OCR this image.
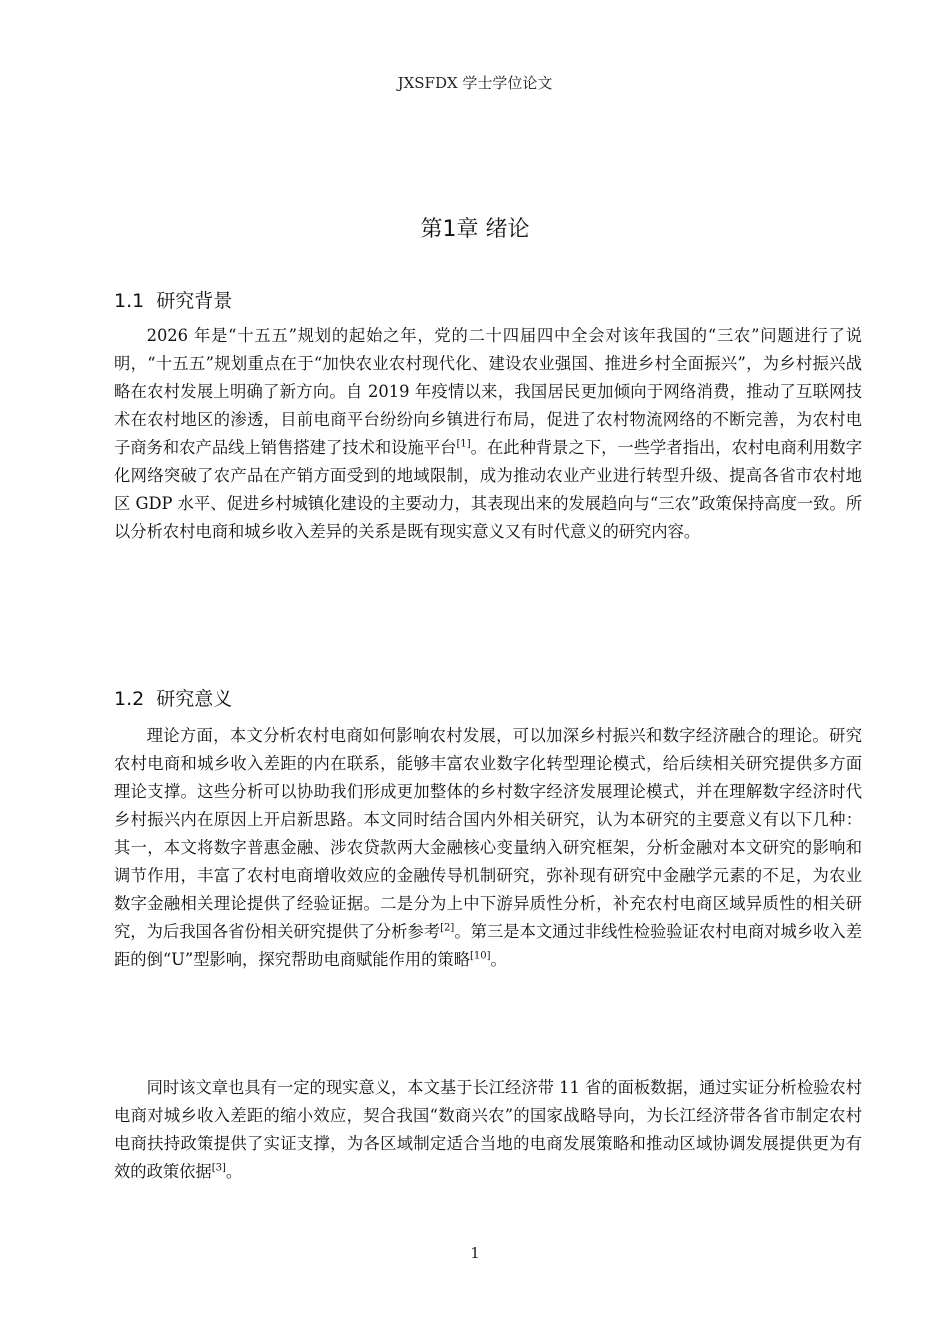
JXSFDX 学士学位论文
第1章 绪论
1.1 研究背景

2026 年是“十五五”规划的起始之年，党的二十四届四中全会对该年我国的“三农”问题进行了说明，“十五五”规划重点在于“加快农业农村现代化、建设农业强国、推进乡村全面振兴”，为乡村振兴战略在农村发展上明确了新方向。自 2019 年疫情以来，我国居民更加倾向于网络消费，推动了互联网技术在农村地区的渗透，目前电商平台纷纷向乡镇进行布局，促进了农村物流网络的不断完善，为农村电子商务和农产品线上销售搭建了技术和设施平台[1]。在此种背景之下，一些学者指出，农村电商利用数字化网络突破了农产品在产销方面受到的地域限制，成为推动农业产业进行转型升级、提高各省市农村地区 GDP 水平、促进乡村城镇化建设的主要动力，其表现出来的发展趋向与“三农”政策保持高度一致。所以分析农村电商和城乡收入差异的关系是既有现实意义又有时代意义的研究内容。

1.2 研究意义

理论方面，本文分析农村电商如何影响农村发展，可以加深乡村振兴和数字经济融合的理论。研究农村电商和城乡收入差距的内在联系，能够丰富农业数字化转型理论模式，给后续相关研究提供多方面理论支撑。这些分析可以协助我们形成更加整体的乡村数字经济发展理论模式，并在理解数字经济时代乡村振兴内在原因上开启新思路。本文同时结合国内外相关研究，认为本研究的主要意义有以下几种：其一，本文将数字普惠金融、涉农贷款两大金融核心变量纳入研究框架，分析金融对本文研究的影响和调节作用，丰富了农村电商增收效应的金融传导机制研究，弥补现有研究中金融学元素的不足，为农业数字金融相关理论提供了经验证据。二是分为上中下游异质性分析，补充农村电商区域异质性的相关研究，为后我国各省份相关研究提供了分析参考[2]。第三是本文通过非线性检验验证农村电商对城乡收入差距的倒“U”型影响，探究帮助电商赋能作用的策略[10]。

同时该文章也具有一定的现实意义，本文基于长江经济带 11 省的面板数据，通过实证分析检验农村电商对城乡收入差距的缩小效应，契合我国“数商兴农”的国家战略导向，为长江经济带各省市制定农村电商扶持政策提供了实证支撑，为各区域制定适合当地的电商发展策略和推动区域协调发展提供更为有效的政策依据[3]。

1
